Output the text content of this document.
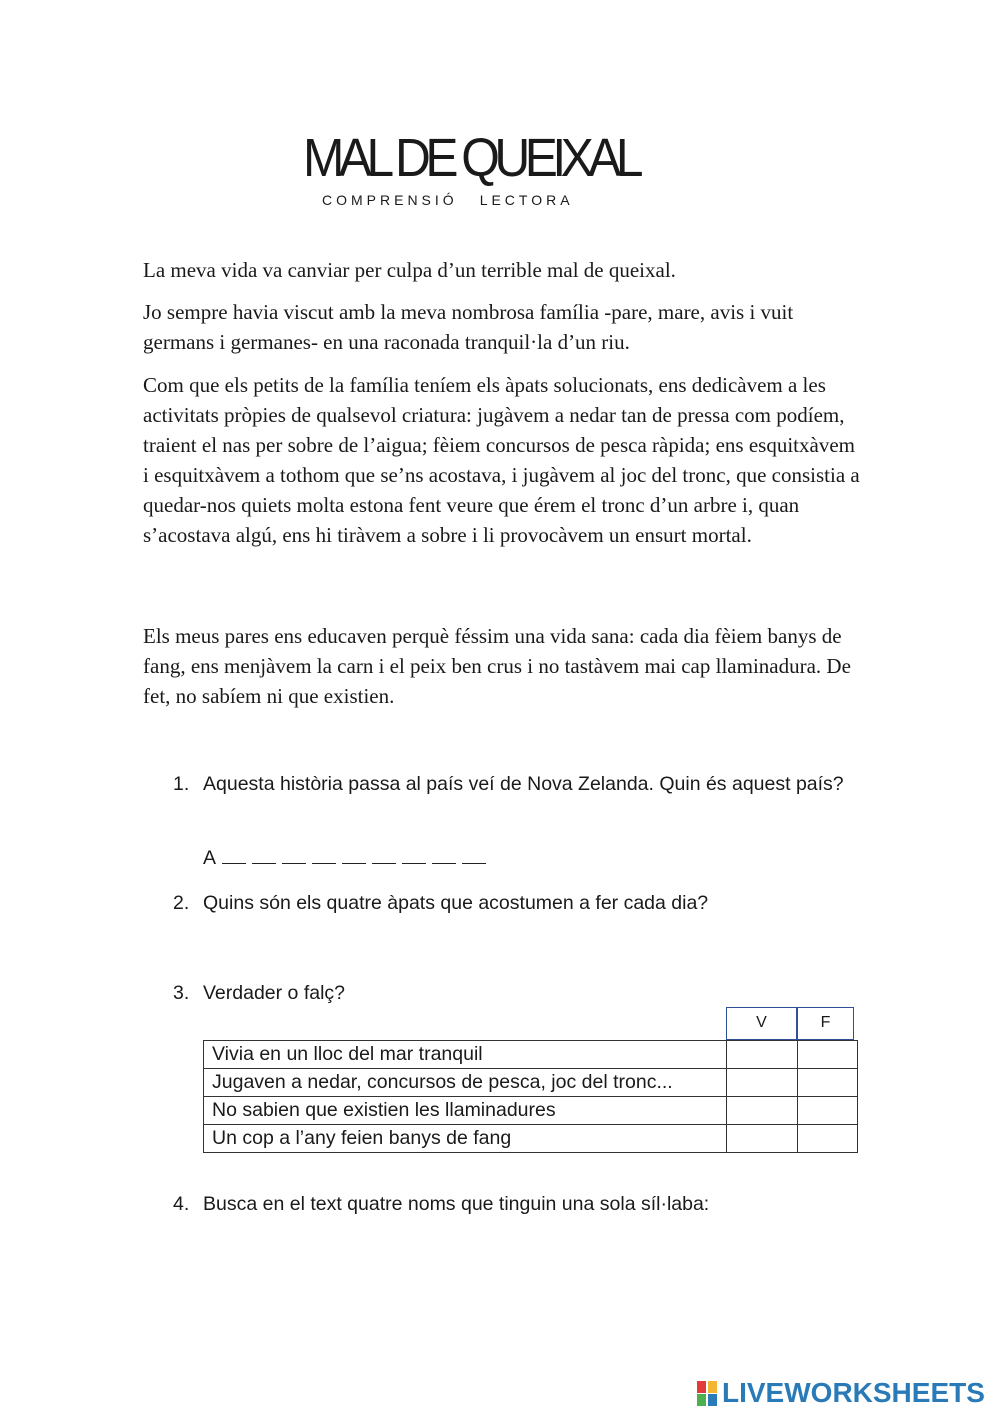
MAL DE QUEIXAL
COMPRENSIÓ LECTORA

La meva vida va canviar per culpa d’un terrible mal de queixal.

Jo sempre havia viscut amb la meva nombrosa família -pare, mare, avis i vuit germans i germanes- en una raconada tranquil·la d’un riu.

Com que els petits de la família teníem els àpats solucionats, ens dedicàvem a les activitats pròpies de qualsevol criatura: jugàvem a nedar tan de pressa com podíem, traient el nas per sobre de l’aigua; fèiem concursos de pesca ràpida; ens esquitxàvem i esquitxàvem a tothom que se’ns acostava, i jugàvem al joc del tronc, que consistia a quedar-nos quiets molta estona fent veure que érem el tronc d’un arbre i, quan s’acostava algú, ens hi tiràvem a sobre i li provocàvem un ensurt mortal.

Els meus pares ens educaven perquè féssim una vida sana: cada dia fèiem banys de fang, ens menjàvem la carn i el peix ben crus i no tastàvem mai cap llaminadura. De fet, no sabíem ni que existien.

1. Aquesta història passa al país veí de Nova Zelanda. Quin és aquest país?
A
2. Quins són els quatre àpats que acostumen a fer cada dia?
3. Verdader o falç?
V	F
Vivia en un lloc del mar tranquil		
Jugaven a nedar, concursos de pesca, joc del tronc...		
No sabien que existien les llaminadures		
Un cop a l’any feien banys de fang		
4. Busca en el text quatre noms que tinguin una sola síl·laba:
LIVEWORKSHEETS
